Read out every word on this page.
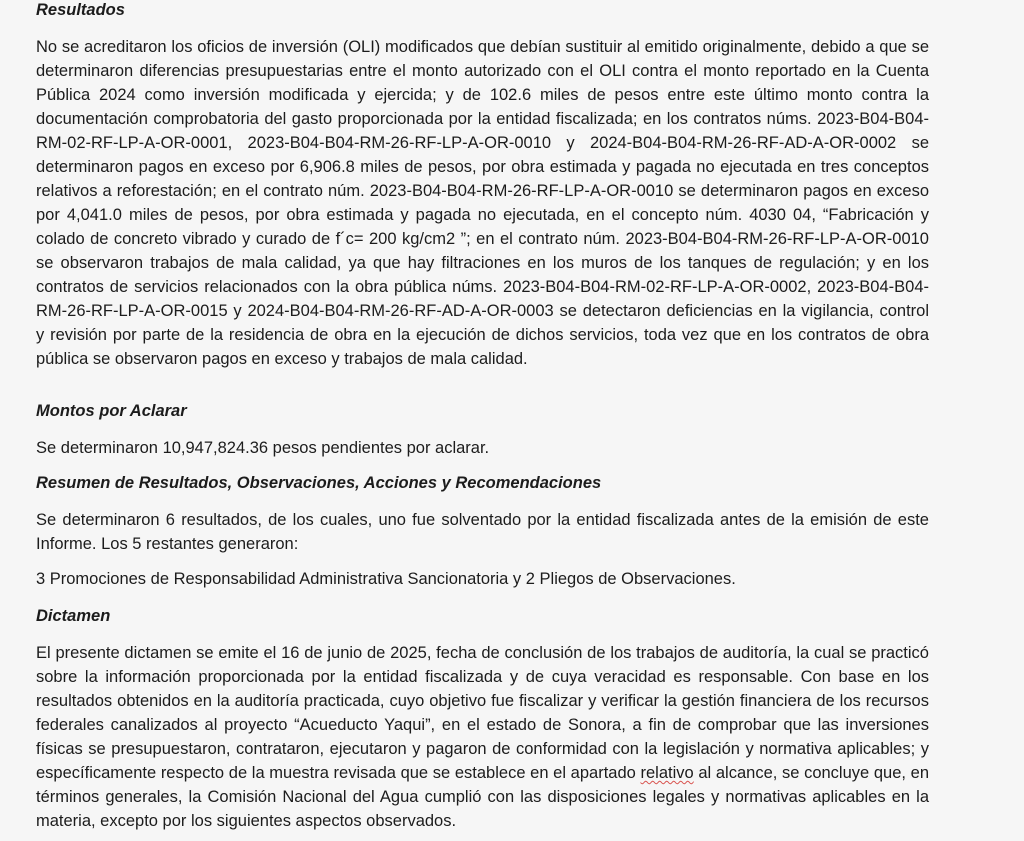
Resultados

No se acreditaron los oficios de inversión (OLI) modificados que debían sustituir al emitido originalmente, debido a que se determinaron diferencias presupuestarias entre el monto autorizado con el OLI contra el monto reportado en la Cuenta Pública 2024 como inversión modificada y ejercida; y de 102.6 miles de pesos entre este último monto contra la documentación comprobatoria del gasto proporcionada por la entidad fiscalizada; en los contratos núms. 2023-B04-B04-RM-02-RF-LP-A-OR-0001, 2023-B04-B04-RM-26-RF-LP-A-OR-0010 y 2024-B04-B04-RM-26-RF-AD-A-OR-0002 se determinaron pagos en exceso por 6,906.8 miles de pesos, por obra estimada y pagada no ejecutada en tres conceptos relativos a reforestación; en el contrato núm. 2023-B04-B04-RM-26-RF-LP-A-OR-0010 se determinaron pagos en exceso por 4,041.0 miles de pesos, por obra estimada y pagada no ejecutada, en el concepto núm. 4030 04, “Fabricación y colado de concreto vibrado y curado de f´c= 200 kg/cm2 ”; en el contrato núm. 2023-B04-B04-RM-26-RF-LP-A-OR-0010 se observaron trabajos de mala calidad, ya que hay filtraciones en los muros de los tanques de regulación; y en los contratos de servicios relacionados con la obra pública núms. 2023-B04-B04-RM-02-RF-LP-A-OR-0002, 2023-B04-B04-RM-26-RF-LP-A-OR-0015 y 2024-B04-B04-RM-26-RF-AD-A-OR-0003 se detectaron deficiencias en la vigilancia, control y revisión por parte de la residencia de obra en la ejecución de dichos servicios, toda vez que en los contratos de obra pública se observaron pagos en exceso y trabajos de mala calidad.

Montos por Aclarar

Se determinaron 10,947,824.36 pesos pendientes por aclarar.

Resumen de Resultados, Observaciones, Acciones y Recomendaciones

Se determinaron 6 resultados, de los cuales, uno fue solventado por la entidad fiscalizada antes de la emisión de este Informe. Los 5 restantes generaron:

3 Promociones de Responsabilidad Administrativa Sancionatoria y 2 Pliegos de Observaciones.

Dictamen

El presente dictamen se emite el 16 de junio de 2025, fecha de conclusión de los trabajos de auditoría, la cual se practicó sobre la información proporcionada por la entidad fiscalizada y de cuya veracidad es responsable. Con base en los resultados obtenidos en la auditoría practicada, cuyo objetivo fue fiscalizar y verificar la gestión financiera de los recursos federales canalizados al proyecto “Acueducto Yaqui”, en el estado de Sonora, a fin de comprobar que las inversiones físicas se presupuestaron, contrataron, ejecutaron y pagaron de conformidad con la legislación y normativa aplicables; y específicamente respecto de la muestra revisada que se establece en el apartado relativo al alcance, se concluye que, en términos generales, la Comisión Nacional del Agua cumplió con las disposiciones legales y normativas aplicables en la materia, excepto por los siguientes aspectos observados.
